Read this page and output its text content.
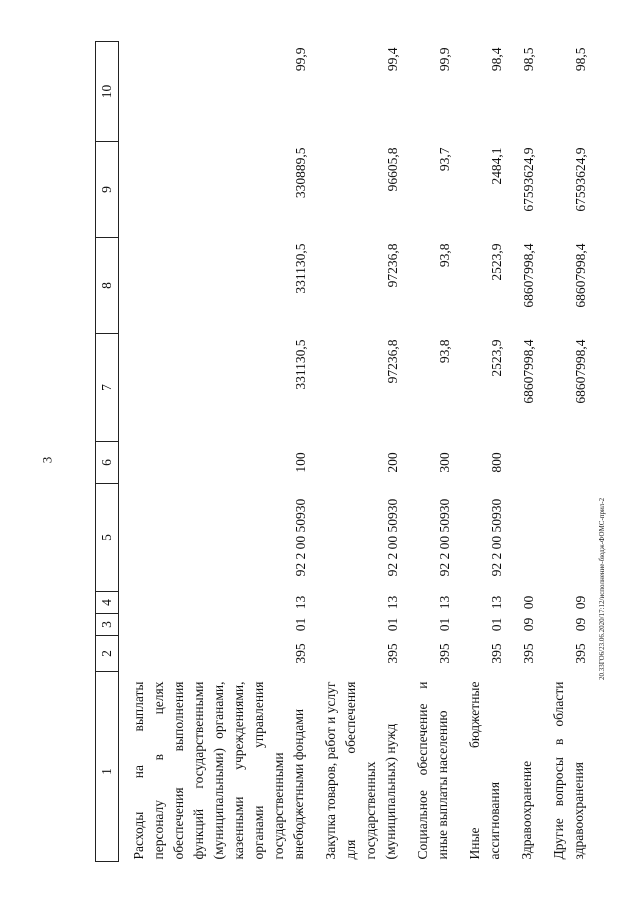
3
20.33ГО6/23.06.2020/17:12/исполнение-бюдж-ФОМС-прил-2
1	2	3	4	5	6	7	8	9	10
Расходы на выплаты персоналу в целях обеспечения выполнения функций государственными (муниципальными) органами, казенными учреждениями, органами управления государственными внебюджетными фондами	395	01	13	92 2 00 50930	100	331130,5	331130,5	330889,5	99,9
Закупка товаров, работ и услуг для обеспечения государственных (муниципальных) нужд	395	01	13	92 2 00 50930	200	97236,8	97236,8	96605,8	99,4
Социальное обеспечение и иные выплаты населению	395	01	13	92 2 00 50930	300	93,8	93,8	93,7	99,9
Иные бюджетные ассигнования	395	01	13	92 2 00 50930	800	2523,9	2523,9	2484,1	98,4
Здравоохранение	395	09	00			68607998,4	68607998,4	67593624,9	98,5
Другие вопросы в области здравоохранения	395	09	09			68607998,4	68607998,4	67593624,9	98,5
